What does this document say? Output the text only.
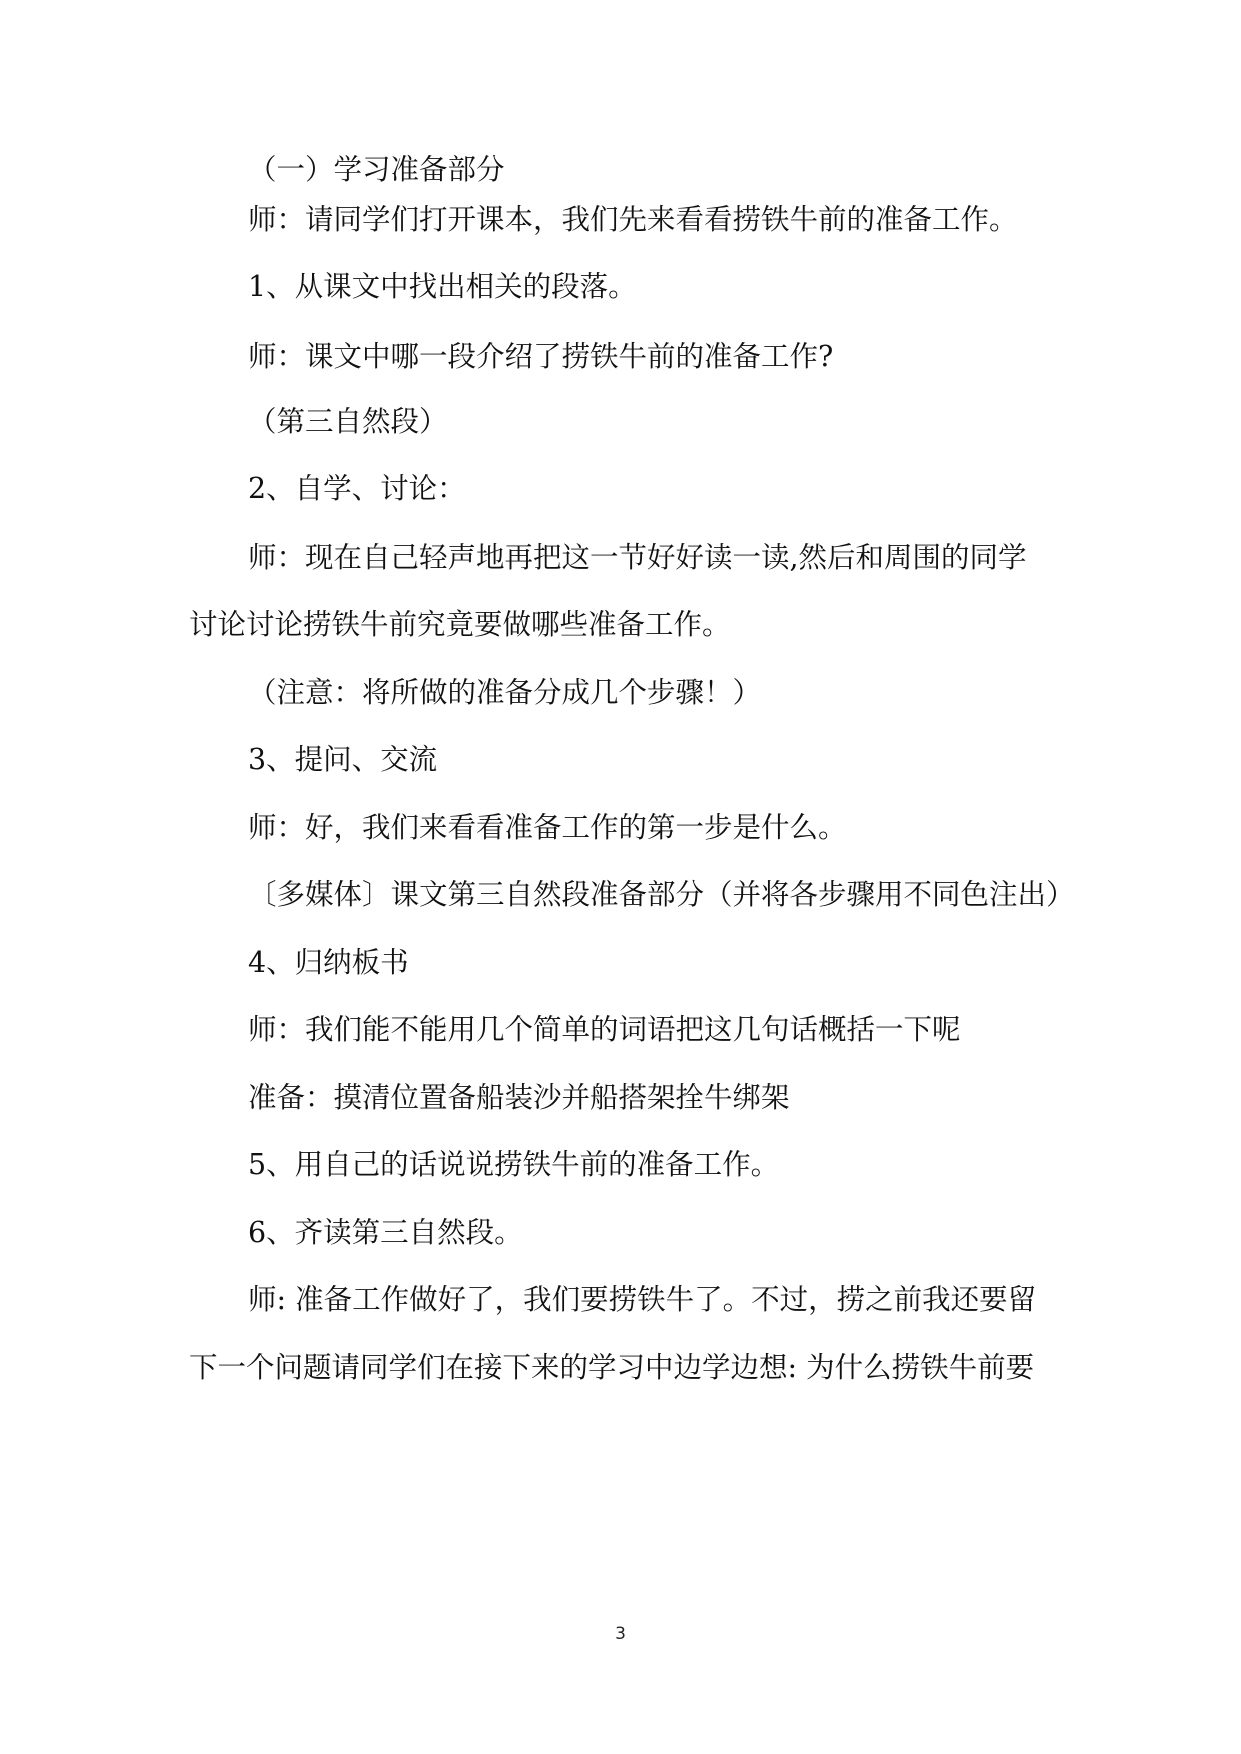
（一）学习准备部分
师：请同学们打开课本，我们先来看看捞铁牛前的准备工作。
1、从课文中找出相关的段落。
师：课文中哪一段介绍了捞铁牛前的准备工作?
（第三自然段）
2、自学、讨论：
师：现在自己轻声地再把这一节好好读一读,然后和周围的同学
讨论讨论捞铁牛前究竟要做哪些准备工作。
（注意：将所做的准备分成几个步骤！）
3、提问、交流
师：好，我们来看看准备工作的第一步是什么。
〔多媒体〕课文第三自然段准备部分（并将各步骤用不同色注出）
4、归纳板书
师：我们能不能用几个简单的词语把这几句话概括一下呢
准备：摸清位置备船装沙并船搭架拴牛绑架
5、用自己的话说说捞铁牛前的准备工作。
6、齐读第三自然段。
师: 准备工作做好了，我们要捞铁牛了。不过，捞之前我还要留
下一个问题请同学们在接下来的学习中边学边想: 为什么捞铁牛前要
3
